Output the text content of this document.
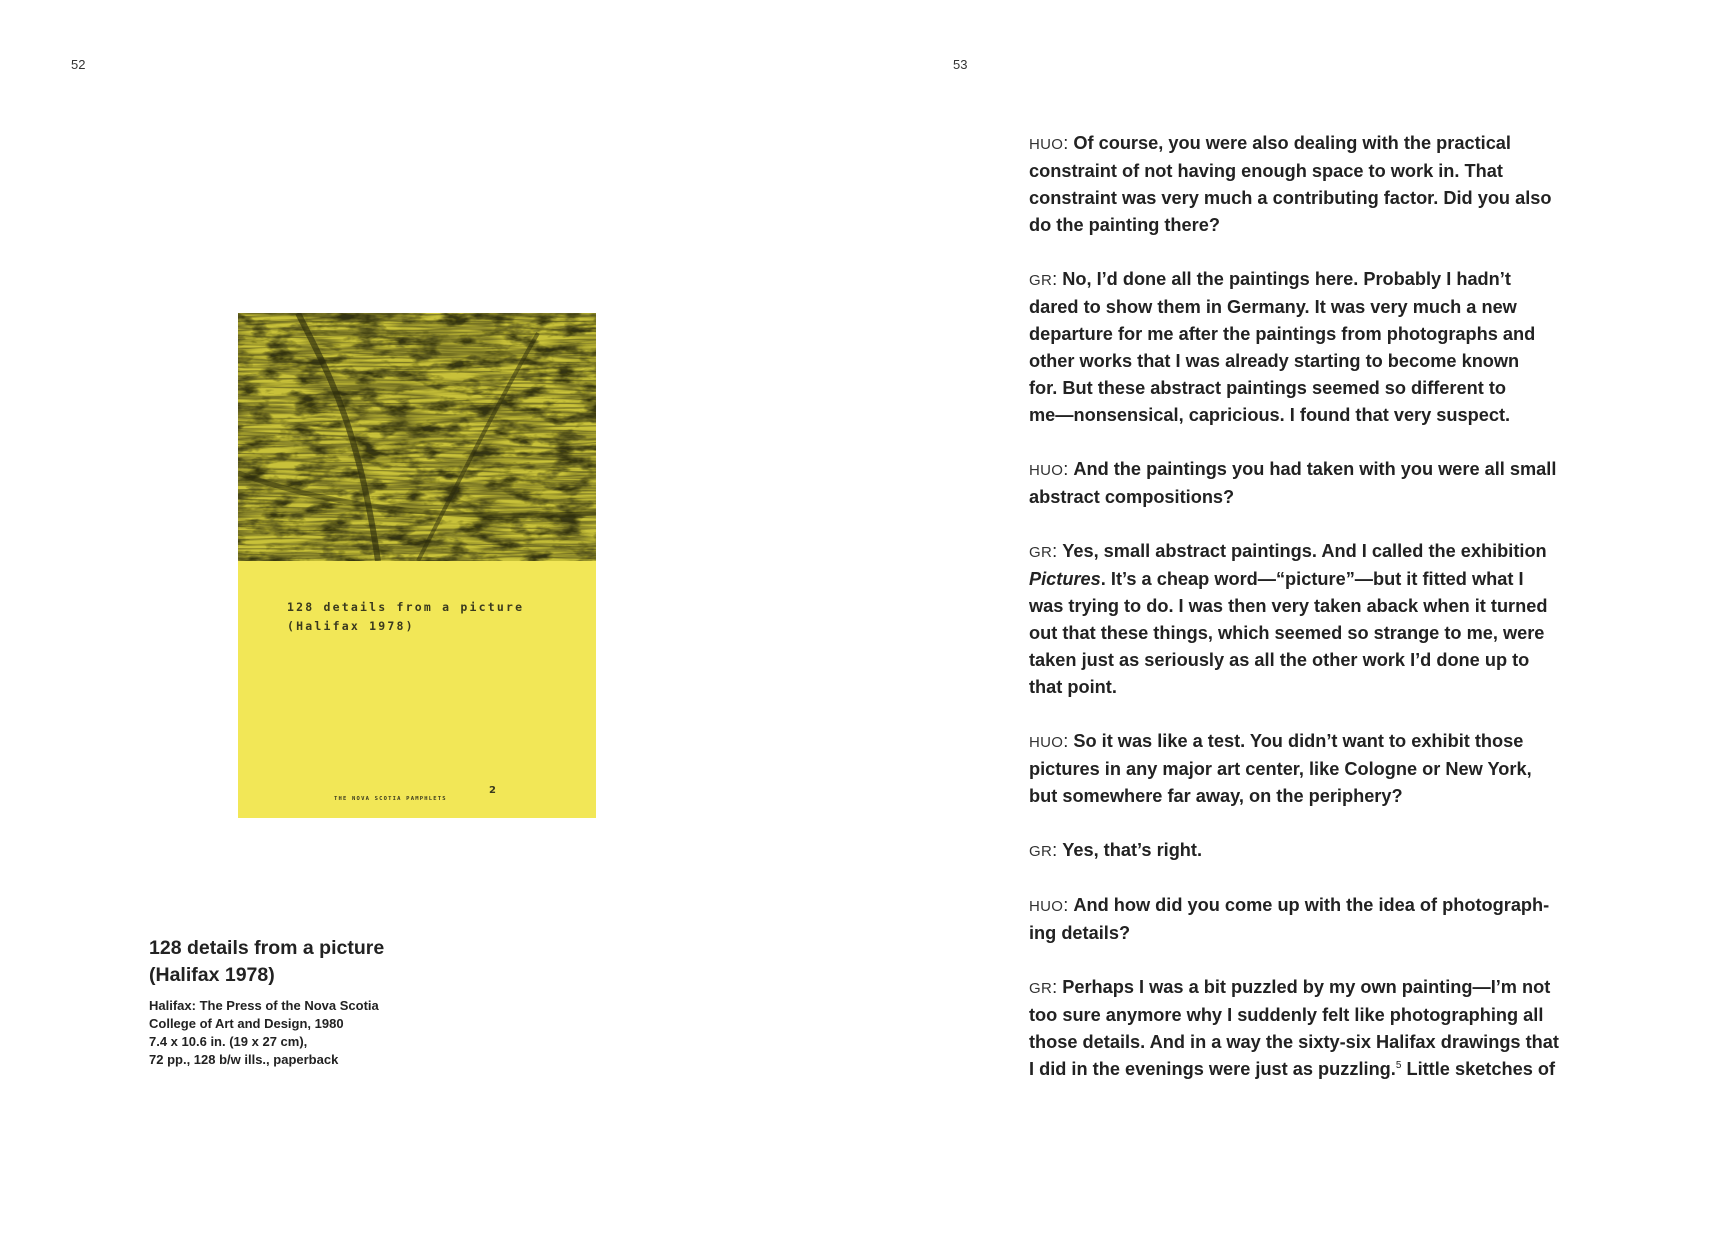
52
128 details from a picture
(Halifax 1978)
THE NOVA SCOTIA PAMPHLETS
2
128 details from a picture
(Halifax 1978)
Halifax: The Press of the Nova Scotia
College of Art and Design, 1980
7.4 x 10.6 in. (19 x 27 cm),
72 pp., 128 b/w ills., paperback
53

HUO: Of course, you were also dealing with the practical
constraint of not having enough space to work in. That
constraint was very much a contributing factor. Did you also
do the painting there?

GR: No, I’d done all the paintings here. Probably I hadn’t
dared to show them in Germany. It was very much a new
departure for me after the paintings from photographs and
other works that I was already starting to become known
for. But these abstract paintings seemed so different to
me—nonsensical, capricious. I found that very suspect.

HUO: And the paintings you had taken with you were all small
abstract compositions?

GR: Yes, small abstract paintings. And I called the exhibition
Pictures. It’s a cheap word—“picture”—but it fitted what I
was trying to do. I was then very taken aback when it turned
out that these things, which seemed so strange to me, were
taken just as seriously as all the other work I’d done up to
that point.

HUO: So it was like a test. You didn’t want to exhibit those
pictures in any major art center, like Cologne or New York,
but somewhere far away, on the periphery?

GR: Yes, that’s right.

HUO: And how did you come up with the idea of photograph-
ing details?

GR: Perhaps I was a bit puzzled by my own painting—I’m not
too sure anymore why I suddenly felt like photographing all
those details. And in a way the sixty-six Halifax drawings that
I did in the evenings were just as puzzling.$^5$ Little sketches of
